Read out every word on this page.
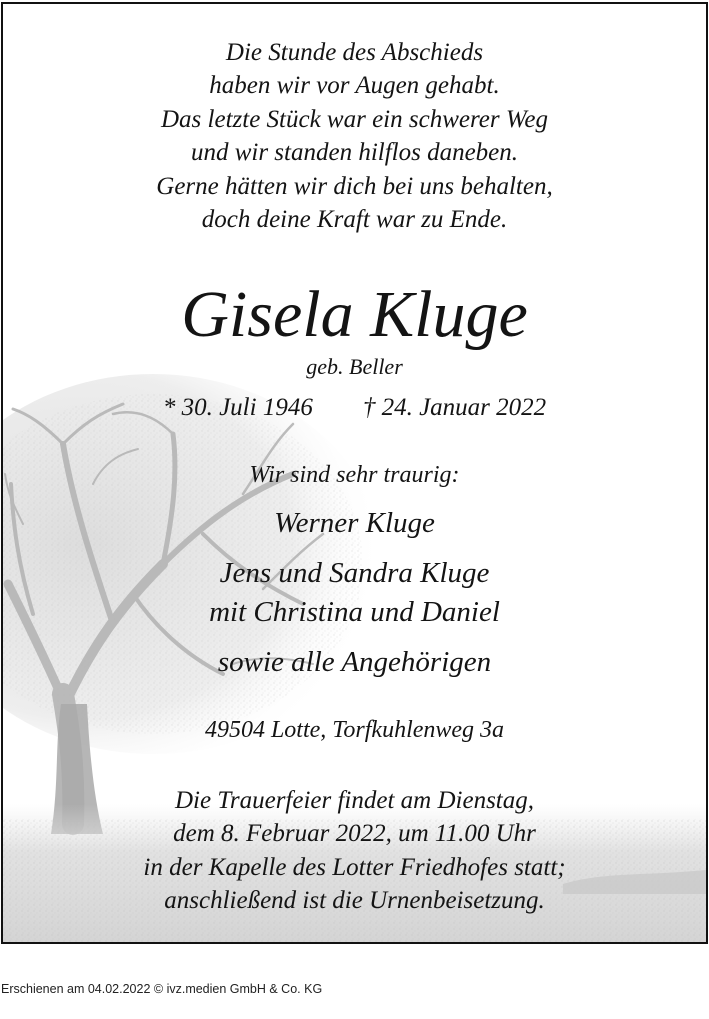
Die Stunde des Abschieds
haben wir vor Augen gehabt.
Das letzte Stück war ein schwerer Weg
und wir standen hilflos daneben.
Gerne hätten wir dich bei uns behalten,
doch deine Kraft war zu Ende.
Gisela Kluge
geb. Beller
* 30. Juli 1946        † 24. Januar 2022
Wir sind sehr traurig:
Werner Kluge
Jens und Sandra Kluge
mit Christina und Daniel
sowie alle Angehörigen
49504 Lotte, Torfkuhlenweg 3a
Die Trauerfeier findet am Dienstag,
dem 8. Februar 2022, um 11.00 Uhr
in der Kapelle des Lotter Friedhofes statt;
anschließend ist die Urnenbeisetzung.
Erschienen am 04.02.2022 © ivz.medien GmbH & Co. KG
